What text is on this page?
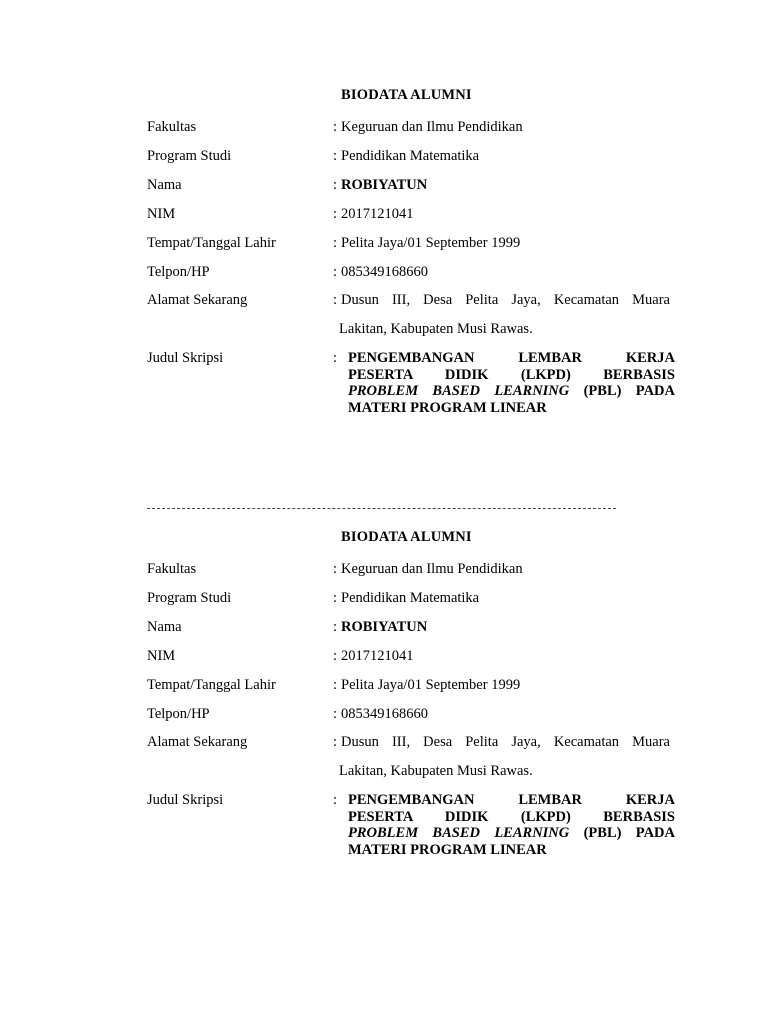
BIODATA ALUMNI
Fakultas	: Keguruan dan Ilmu Pendidikan
Program Studi	: Pendidikan Matematika
Nama	: ROBIYATUN
NIM	: 2017121041
Tempat/Tanggal Lahir	: Pelita Jaya/01 September 1999
Telpon/HP	: 085349168660
Alamat Sekarang	: Dusun III, Desa Pelita Jaya, Kecamatan Muara
Lakitan, Kabupaten Musi Rawas.
Judul Skripsi	: PENGEMBANGAN LEMBAR KERJA
PESERTA DIDIK (LKPD) BERBASIS
PROBLEM BASED LEARNING (PBL) PADA
MATERI PROGRAM LINEAR
BIODATA ALUMNI
Fakultas	: Keguruan dan Ilmu Pendidikan
Program Studi	: Pendidikan Matematika
Nama	: ROBIYATUN
NIM	: 2017121041
Tempat/Tanggal Lahir	: Pelita Jaya/01 September 1999
Telpon/HP	: 085349168660
Alamat Sekarang	: Dusun III, Desa Pelita Jaya, Kecamatan Muara
Lakitan, Kabupaten Musi Rawas.
Judul Skripsi	: PENGEMBANGAN LEMBAR KERJA
PESERTA DIDIK (LKPD) BERBASIS
PROBLEM BASED LEARNING (PBL) PADA
MATERI PROGRAM LINEAR
